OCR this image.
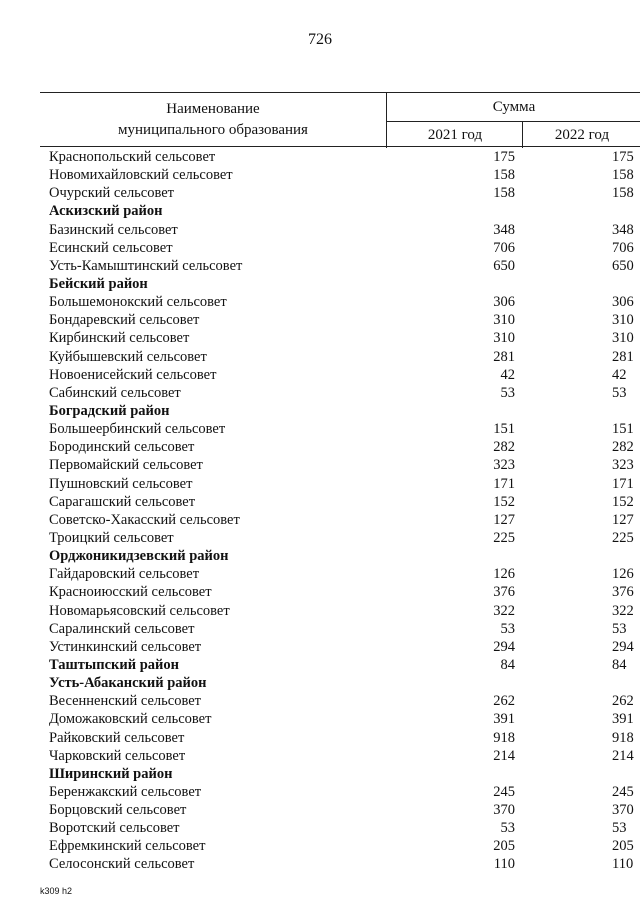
726
Наименование
муниципального образования
Сумма
2021 год	2022 год
Краснопольский сельсовет	175	175
Новомихайловский сельсовет	158	158
Очурский сельсовет	158	158
Аскизский район
Базинский сельсовет	348	348
Есинский сельсовет	706	706
Усть-Камыштинский сельсовет	650	650
Бейский район
Большемонокский сельсовет	306	306
Бондаревский сельсовет	310	310
Кирбинский сельсовет	310	310
Куйбышевский сельсовет	281	281
Новоенисейский сельсовет	42	42
Сабинский сельсовет	53	53
Боградский район
Большеербинский сельсовет	151	151
Бородинский сельсовет	282	282
Первомайский сельсовет	323	323
Пушновский сельсовет	171	171
Сарагашский сельсовет	152	152
Советско-Хакасский сельсовет	127	127
Троицкий сельсовет	225	225
Орджоникидзевский район
Гайдаровский сельсовет	126	126
Красноиюсский сельсовет	376	376
Новомарьясовский сельсовет	322	322
Саралинский сельсовет	53	53
Устинкинский сельсовет	294	294
Таштыпский район	84	84
Усть-Абаканский район
Весенненский сельсовет	262	262
Доможаковский сельсовет	391	391
Райковский сельсовет	918	918
Чарковский сельсовет	214	214
Ширинский район
Беренжакский сельсовет	245	245
Борцовский сельсовет	370	370
Воротский сельсовет	53	53
Ефремкинский сельсовет	205	205
Селосонский сельсовет	110	110
k309 h2
